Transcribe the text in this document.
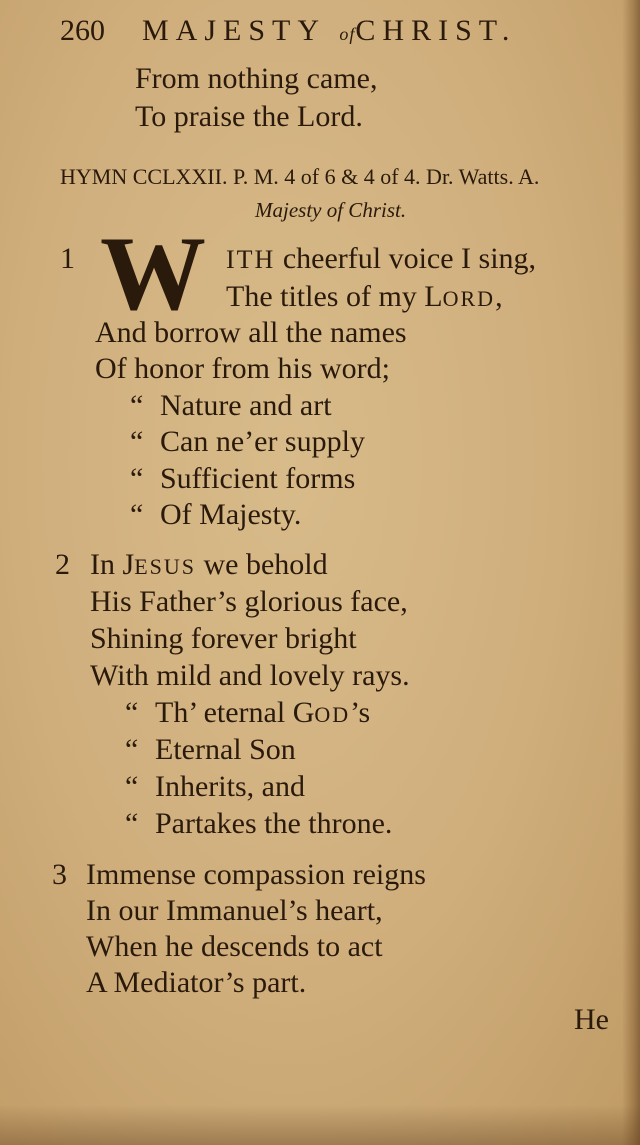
260 MAJESTY ofCHRIST.
From nothing came,
To praise the Lord.
HYMN CCLXXII. P. M. 4 of 6 & 4 of 4. Dr. Watts. A.
Majesty of Christ.
1 W ITH cheerful voice I sing,
The titles of my LORD,
And borrow all the names
Of honor from his word;
“ Nature and art
“ Can ne’er supply
“ Sufficient forms
“ Of Majesty.
2 In JESUS we behold
His Father’s glorious face,
Shining forever bright
With mild and lovely rays.
“ Th’ eternal GOD’s
“ Eternal Son
“ Inherits, and
“ Partakes the throne.
3 Immense compassion reigns
In our Immanuel’s heart,
When he descends to act
A Mediator’s part.
He
